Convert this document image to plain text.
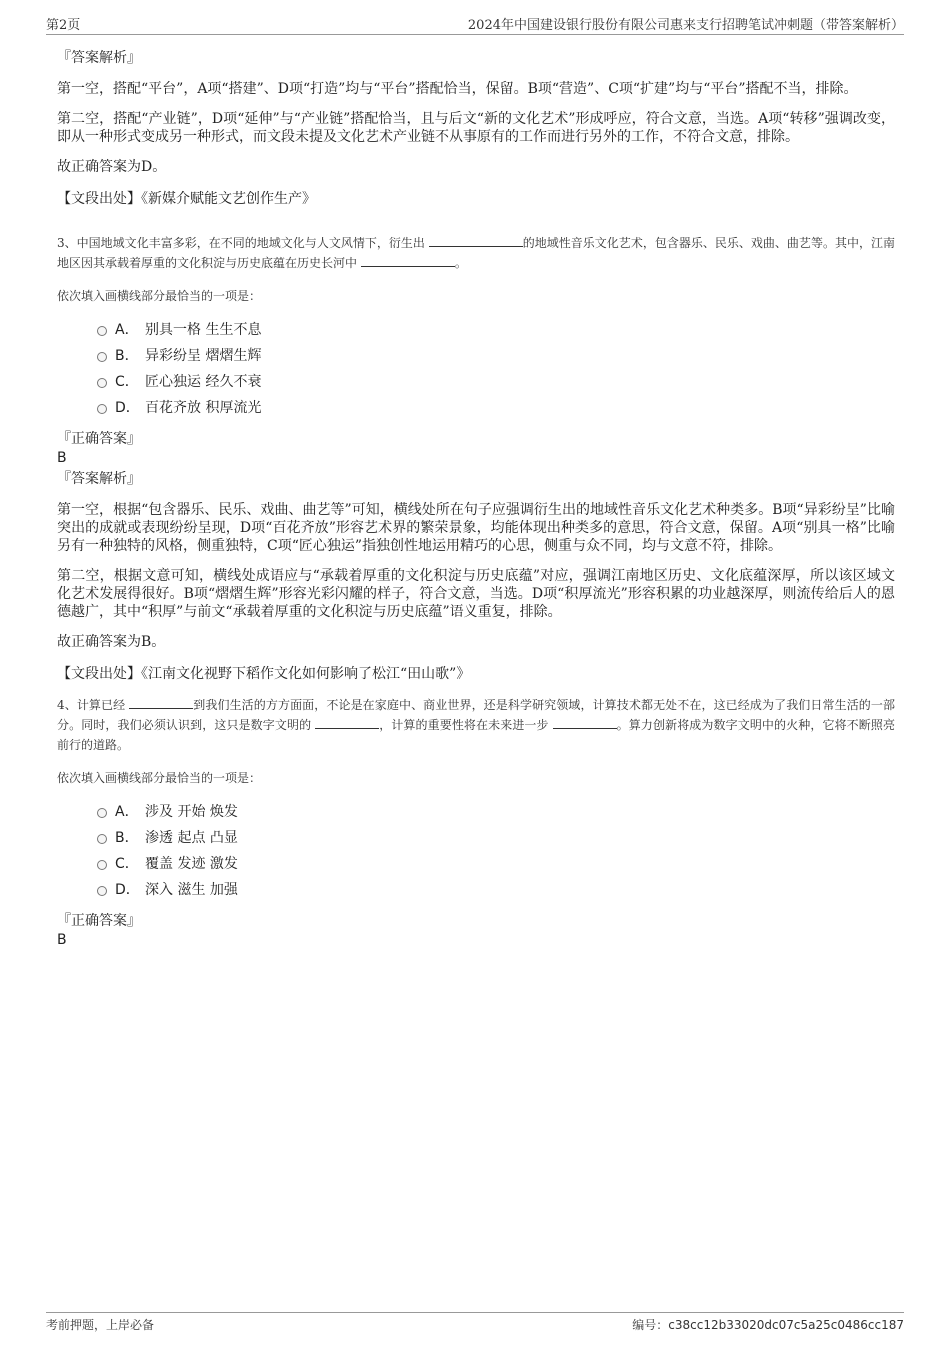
第2页	2024年中国建设银行股份有限公司惠来支行招聘笔试冲刺题（带答案解析）

『答案解析』

第一空，搭配“平台”，A项“搭建”、D项“打造”均与“平台”搭配恰当，保留。B项“营造”、C项“扩建”均与“平台”搭配不当，排除。

第二空，搭配“产业链”，D项“延伸”与“产业链”搭配恰当，且与后文“新的文化艺术”形成呼应，符合文意，当选。A项“转移”强调改变，即从一种形式变成另一种形式，而文段未提及文化艺术产业链不从事原有的工作而进行另外的工作，不符合文意，排除。

故正确答案为D。

【文段出处】《新媒介赋能文艺创作生产》

3、中国地域文化丰富多彩，在不同的地域文化与人文风情下，衍生出	的地域性音乐文化艺术，包含器乐、民乐、戏曲、曲艺等。其中，江南地区因其承载着厚重的文化积淀与历史底蕴在历史长河中	。

依次填入画横线部分最恰当的一项是：

A． 别具一格 生生不息
B． 异彩纷呈 熠熠生辉
C． 匠心独运 经久不衰
D． 百花齐放 积厚流光

『正确答案』

B

『答案解析』

第一空，根据“包含器乐、民乐、戏曲、曲艺等”可知，横线处所在句子应强调衍生出的地域性音乐文化艺术种类多。B项“异彩纷呈”比喻突出的成就或表现纷纷呈现，D项“百花齐放”形容艺术界的繁荣景象，均能体现出种类多的意思，符合文意，保留。A项“别具一格”比喻另有一种独特的风格，侧重独特，C项“匠心独运”指独创性地运用精巧的心思，侧重与众不同，均与文意不符，排除。

第二空，根据文意可知，横线处成语应与“承载着厚重的文化积淀与历史底蕴”对应，强调江南地区历史、文化底蕴深厚，所以该区域文化艺术发展得很好。B项“熠熠生辉”形容光彩闪耀的样子，符合文意，当选。D项“积厚流光”形容积累的功业越深厚，则流传给后人的恩德越广，其中“积厚”与前文“承载着厚重的文化积淀与历史底蕴”语义重复，排除。

故正确答案为B。

【文段出处】《江南文化视野下稻作文化如何影响了松江“田山歌”》

4、计算已经	到我们生活的方方面面，不论是在家庭中、商业世界，还是科学研究领域，计算技术都无处不在，这已经成为了我们日常生活的一部分。同时，我们必须认识到，这只是数字文明的	，计算的重要性将在未来进一步	。算力创新将成为数字文明中的火种，它将不断照亮前行的道路。

依次填入画横线部分最恰当的一项是：

A． 涉及 开始 焕发
B． 渗透 起点 凸显
C． 覆盖 发迹 激发
D． 深入 滋生 加强

『正确答案』

B

考前押题，上岸必备	编号：c38cc12b33020dc07c5a25c0486cc187
